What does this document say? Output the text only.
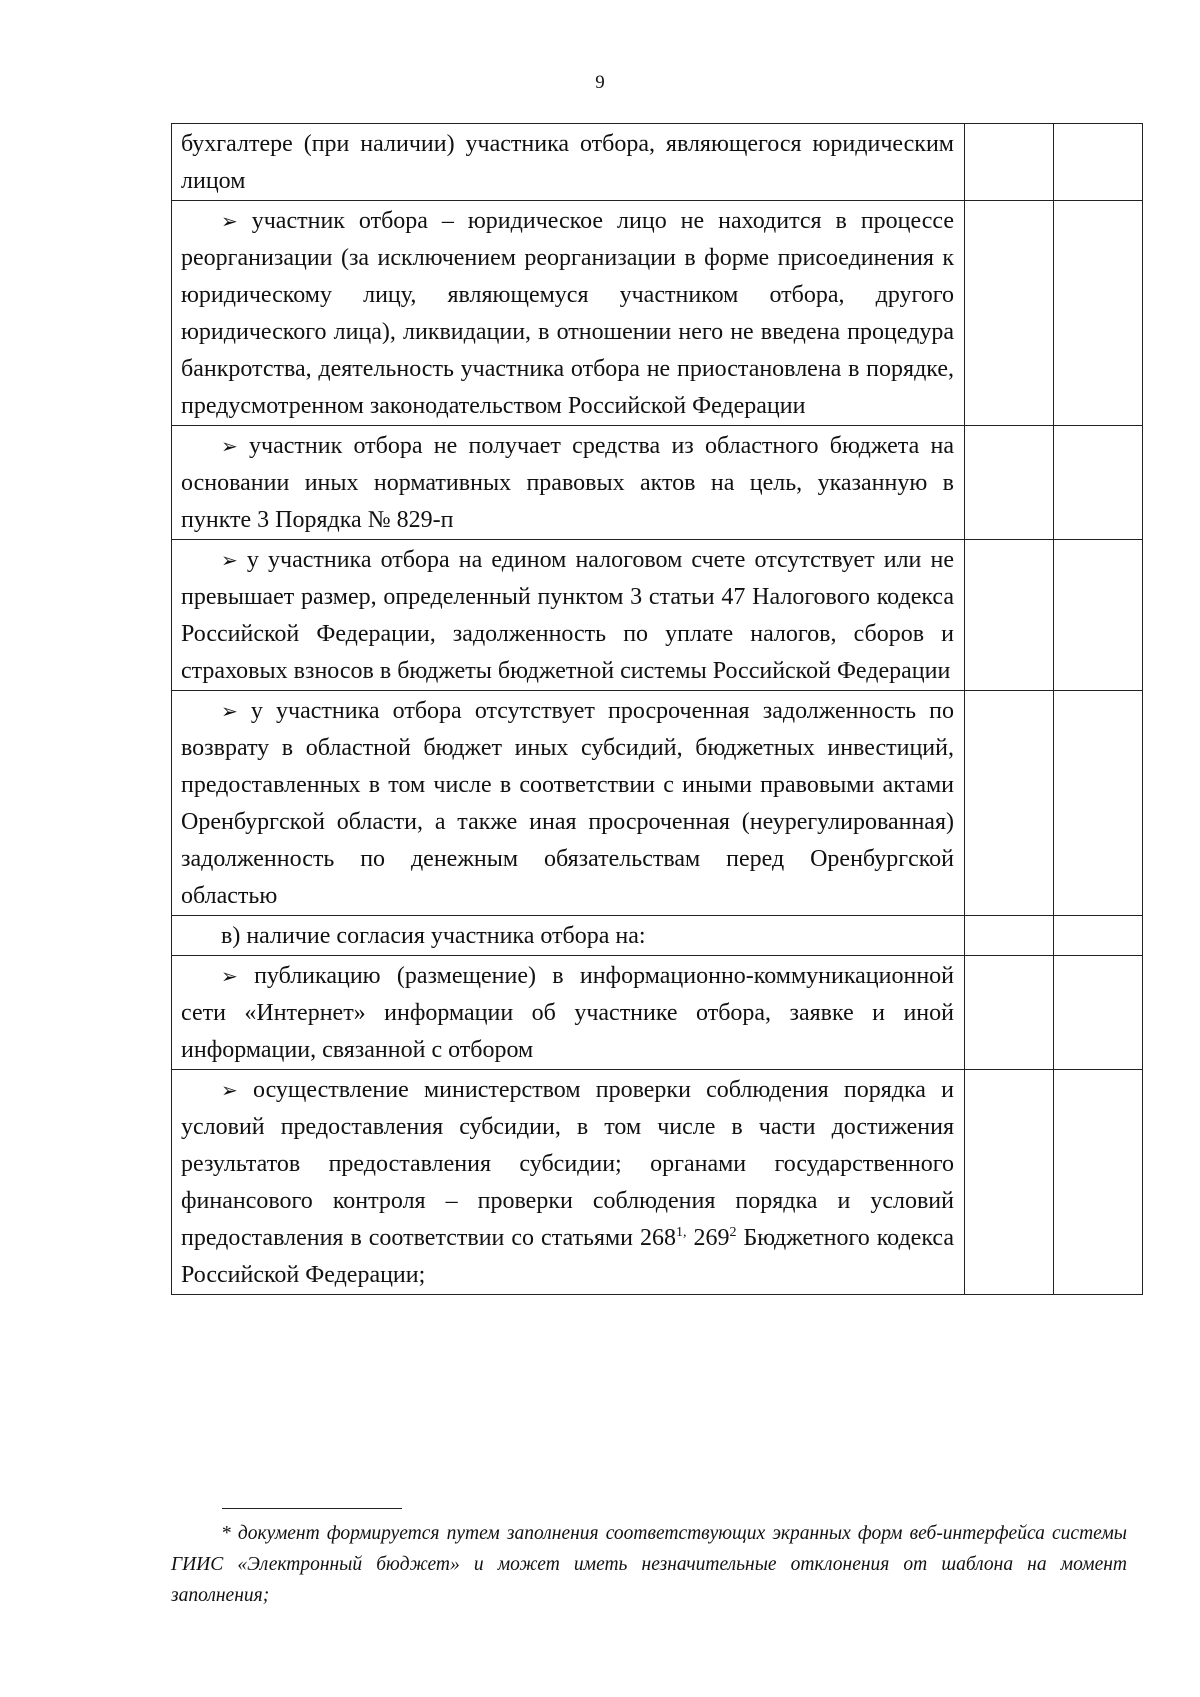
9
бухгалтере (при наличии) участника отбора, являющегося юридическим лицом		

➢ участник отбора – юридическое лицо не находится в процессе реорганизации (за исключением реорганизации в форме присоединения к юридическому лицу, являющемуся участником отбора, другого юридического лица), ликвидации, в отношении него не введена процедура банкротства, деятельность участника отбора не приостановлена в порядке, предусмотренном законодательством Российской Федерации		

➢ участник отбора не получает средства из областного бюджета на основании иных нормативных правовых актов на цель, указанную в пункте 3 Порядка № 829-п		

➢ у участника отбора на едином налоговом счете отсутствует или не превышает размер, определенный пунктом 3 статьи 47 Налогового кодекса Российской Федерации, задолженность по уплате налогов, сборов и страховых взносов в бюджеты бюджетной системы Российской Федерации		

➢ у участника отбора отсутствует просроченная задолженность по возврату в областной бюджет иных субсидий, бюджетных инвестиций, предоставленных в том числе в соответствии с иными правовыми актами Оренбургской области, а также иная просроченная (неурегулированная) задолженность по денежным обязательствам перед Оренбургской областью		

в) наличие согласия участника отбора на:		

➢ публикацию (размещение) в информационно-коммуникационной сети «Интернет» информации об участнике отбора, заявке и иной информации, связанной с отбором		

➢ осуществление министерством проверки соблюдения порядка и условий предоставления субсидии, в том числе в части достижения результатов предоставления субсидии; органами государственного финансового контроля – проверки соблюдения порядка и условий предоставления в соответствии со статьями $268^{1,}$ $269^2$ Бюджетного кодекса Российской Федерации;		

* документ формируется путем заполнения соответствующих экранных форм веб-интерфейса системы ГИИС «Электронный бюджет» и может иметь незначительные отклонения от шаблона на момент заполнения;
